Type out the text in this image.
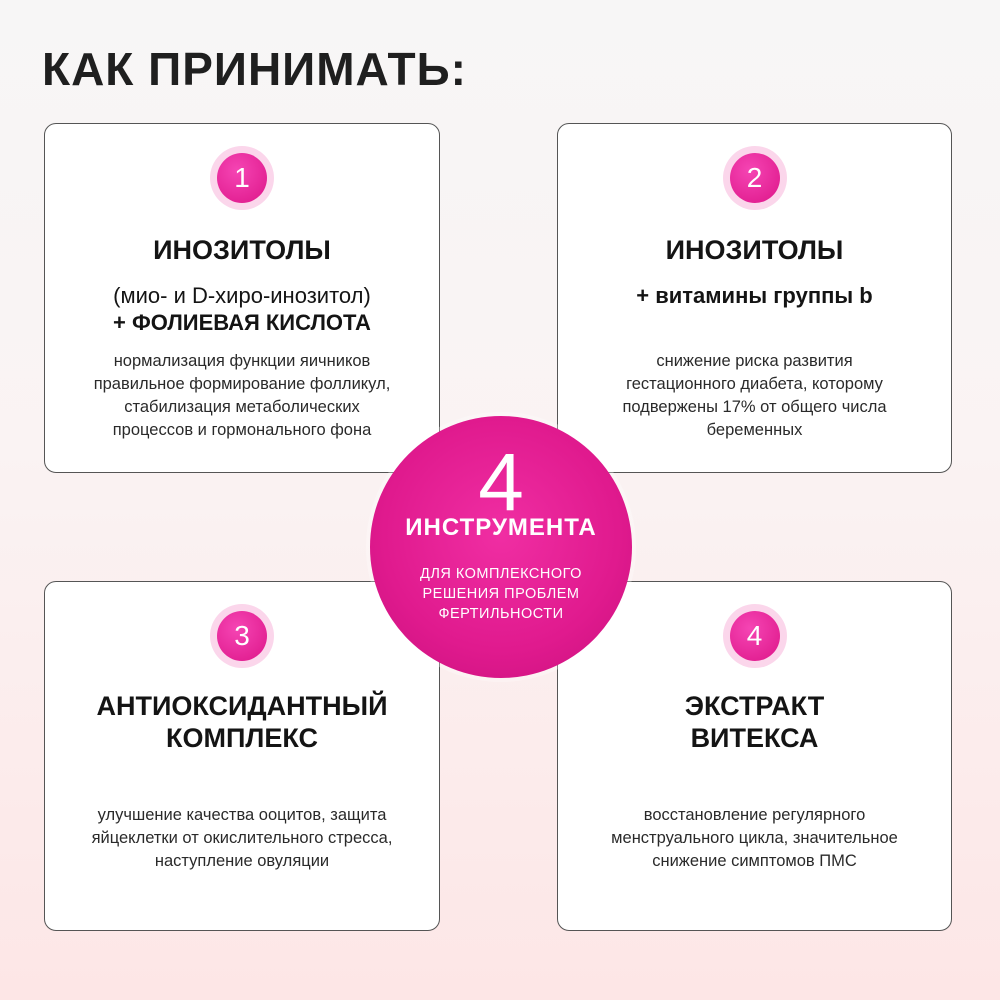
КАК ПРИНИМАТЬ:
1
ИНОЗИТОЛЫ
(мио- и D-хиро-инозитол)
+ ФОЛИЕВАЯ КИСЛОТА
нормализация функции яичников
правильное формирование фолликул,
стабилизация метаболических
процессов и гормонального фона
2
ИНОЗИТОЛЫ
+ витамины группы b
снижение риска развития
гестационного диабета, которому
подвержены 17% от общего числа
беременных
3
АНТИОКСИДАНТНЫЙ
КОМПЛЕКС
улучшение качества ооцитов, защита
яйцеклетки от окислительного стресса,
наступление овуляции
4
ЭКСТРАКТ
ВИТЕКСА
восстановление регулярного
менструального цикла, значительное
снижение симптомов ПМС
4
ИНСТРУМЕНТА
ДЛЯ КОМПЛЕКСНОГО
РЕШЕНИЯ ПРОБЛЕМ
ФЕРТИЛЬНОСТИ
